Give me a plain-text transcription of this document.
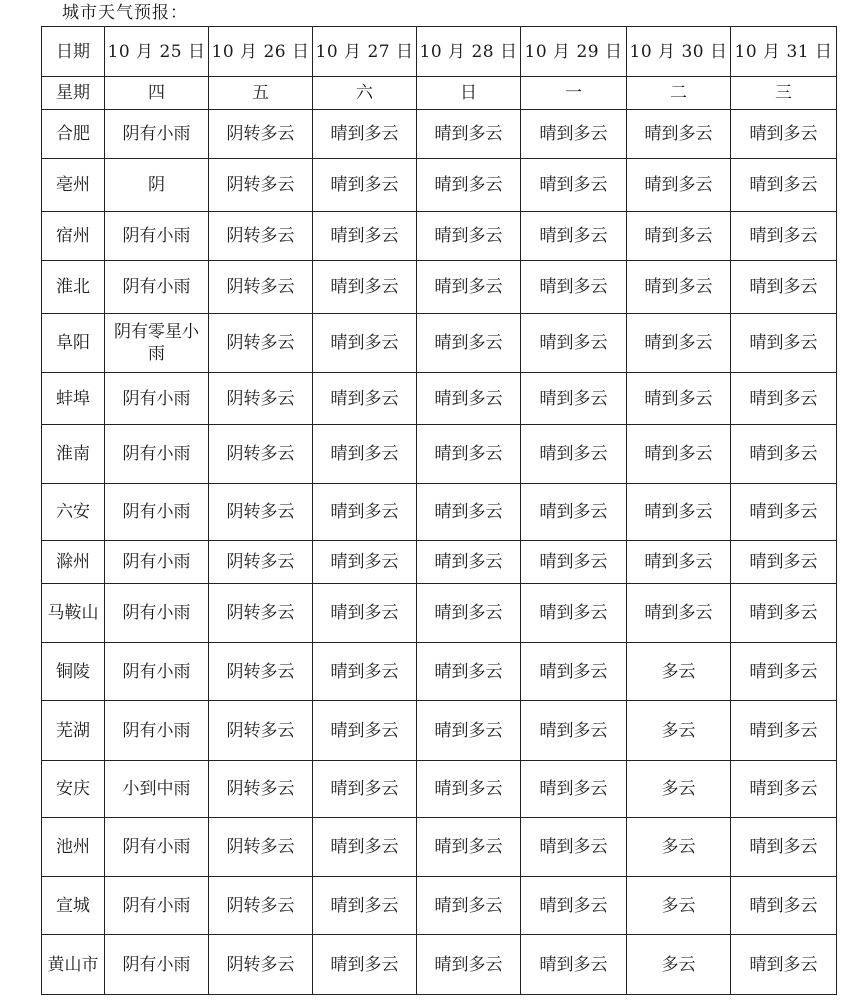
城市天气预报：
日期	10 月 25 日	10 月 26 日	10 月 27 日	10 月 28 日	10 月 29 日	10 月 30 日	10 月 31 日
星期	四	五	六	日	一	二	三
合肥	阴有小雨	阴转多云	晴到多云	晴到多云	晴到多云	晴到多云	晴到多云
亳州	阴	阴转多云	晴到多云	晴到多云	晴到多云	晴到多云	晴到多云
宿州	阴有小雨	阴转多云	晴到多云	晴到多云	晴到多云	晴到多云	晴到多云
淮北	阴有小雨	阴转多云	晴到多云	晴到多云	晴到多云	晴到多云	晴到多云
阜阳	阴有零星小雨	阴转多云	晴到多云	晴到多云	晴到多云	晴到多云	晴到多云
蚌埠	阴有小雨	阴转多云	晴到多云	晴到多云	晴到多云	晴到多云	晴到多云
淮南	阴有小雨	阴转多云	晴到多云	晴到多云	晴到多云	晴到多云	晴到多云
六安	阴有小雨	阴转多云	晴到多云	晴到多云	晴到多云	晴到多云	晴到多云
滁州	阴有小雨	阴转多云	晴到多云	晴到多云	晴到多云	晴到多云	晴到多云
马鞍山	阴有小雨	阴转多云	晴到多云	晴到多云	晴到多云	晴到多云	晴到多云
铜陵	阴有小雨	阴转多云	晴到多云	晴到多云	晴到多云	多云	晴到多云
芜湖	阴有小雨	阴转多云	晴到多云	晴到多云	晴到多云	多云	晴到多云
安庆	小到中雨	阴转多云	晴到多云	晴到多云	晴到多云	多云	晴到多云
池州	阴有小雨	阴转多云	晴到多云	晴到多云	晴到多云	多云	晴到多云
宣城	阴有小雨	阴转多云	晴到多云	晴到多云	晴到多云	多云	晴到多云
黄山市	阴有小雨	阴转多云	晴到多云	晴到多云	晴到多云	多云	晴到多云
